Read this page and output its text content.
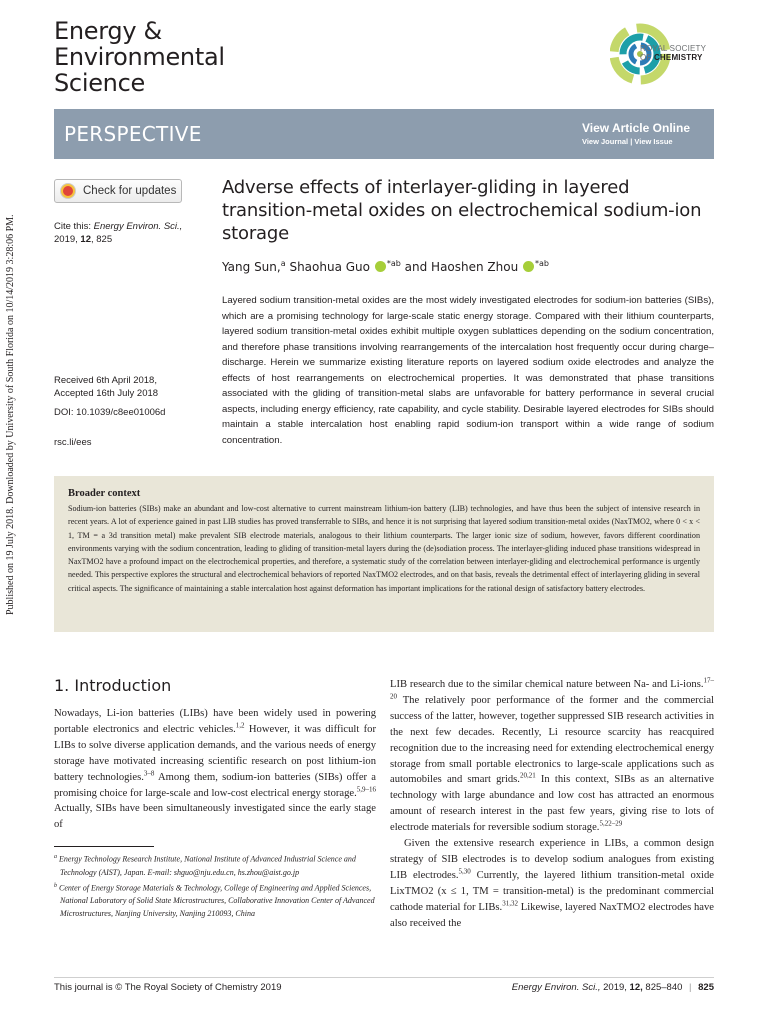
Published on 19 July 2018. Downloaded by University of South Florida on 10/14/2019 3:28:06 PM.
Energy &
Environmental
Science
ROYAL SOCIETY
OF CHEMISTRY
PERSPECTIVE	View Article Online
View Journal | View Issue
Check for updates
Cite this: Energy Environ. Sci.,
2019, 12, 825
Received 6th April 2018,
Accepted 16th July 2018
DOI: 10.1039/c8ee01006d
rsc.li/ees
Adverse effects of interlayer-gliding in layered transition-metal oxides on electrochemical sodium-ion storage
Yang Sun,$^a$ Shaohua Guo $^{*ab}$ and Haoshen Zhou $^{*ab}$
Layered sodium transition-metal oxides are the most widely investigated electrodes for sodium-ion batteries (SIBs), which are a promising technology for large-scale static energy storage. Compared with their lithium counterparts, layered sodium transition-metal oxides exhibit multiple oxygen sublattices depending on the sodium concentration, and therefore phase transitions involving rearrangements of the intercalation host frequently occur during charge–discharge. Herein we summarize existing literature reports on layered sodium oxide electrodes and analyze the effects of host rearrangements on electrochemical properties. It was demonstrated that phase transitions associated with the gliding of transition-metal slabs are unfavorable for battery performance in several crucial aspects, including energy efficiency, rate capability, and cycle stability. Desirable layered electrodes for SIBs should maintain a stable intercalation host enabling rapid sodium-ion transport within a wide range of sodium concentration.
Broader context

Sodium-ion batteries (SIBs) make an abundant and low-cost alternative to current mainstream lithium-ion battery (LIB) technologies, and have thus been the subject of intensive research in recent years. A lot of experience gained in past LIB studies has proved transferrable to SIBs, and hence it is not surprising that layered sodium transition-metal oxides (NaxTMO2, where 0 < x < 1, TM = a 3d transition metal) make prevalent SIB electrode materials, analogous to their lithium counterparts. The larger ionic size of sodium, however, favors different coordination environments varying with the sodium concentration, leading to gliding of transition-metal layers during the (de)sodiation process. The interlayer-gliding induced phase transitions widespread in NaxTMO2 have a profound impact on the electrochemical properties, and therefore, a systematic study of the correlation between interlayer-gliding and electrochemical performance is urgently needed. This perspective explores the structural and electrochemical behaviors of reported NaxTMO2 electrodes, and on that basis, reveals the detrimental effect of interlayering gliding in several critical aspects. The significance of maintaining a stable intercalation host against deformation has important implications for the rational design of satisfactory battery electrodes.

1. Introduction

Nowadays, Li-ion batteries (LIBs) have been widely used in powering portable electronics and electric vehicles.$^{1,2}$ However, it was difficult for LIBs to solve diverse application demands, and the various needs of energy storage have motivated increasing scientific research on post lithium-ion battery technologies.$^{3-8}$ Among them, sodium-ion batteries (SIBs) offer a promising choice for large-scale and low-cost electrical energy storage.$^{5,9-16}$ Actually, SIBs have been simultaneously investigated since the early stage of

$^a$ Energy Technology Research Institute, National Institute of Advanced Industrial Science and Technology (AIST), Japan. E-mail: shguo@nju.edu.cn, hs.zhou@aist.go.jp

$^b$ Center of Energy Storage Materials & Technology, College of Engineering and Applied Sciences, National Laboratory of Solid State Microstructures, Collaborative Innovation Center of Advanced Microstructures, Nanjing University, Nanjing 210093, China

LIB research due to the similar chemical nature between Na- and Li-ions.$^{17-20}$ The relatively poor performance of the former and the commercial success of the latter, however, together suppressed SIB research activities in the next few decades. Recently, Li resource scarcity has reacquired recognition due to the increasing need for extending electrochemical energy storage from small portable electronics to large-scale applications such as automobiles and smart grids.$^{20,21}$ In this context, SIBs as an alternative technology with large abundance and low cost has attracted an enormous amount of research interest in the past few years, giving rise to lots of electrode materials for reversible sodium storage.$^{5,22-29}$

Given the extensive research experience in LIBs, a common design strategy of SIB electrodes is to develop sodium analogues from existing LIB electrodes.$^{5,30}$ Currently, the layered lithium transition-metal oxide LixTMO2 (x ≤ 1, TM = transition-metal) is the predominant commercial cathode material for LIBs.$^{31,32}$ Likewise, layered NaxTMO2 electrodes have also received the

This journal is © The Royal Society of Chemistry 2019	Energy Environ. Sci., 2019, 12, 825–840 | 825
